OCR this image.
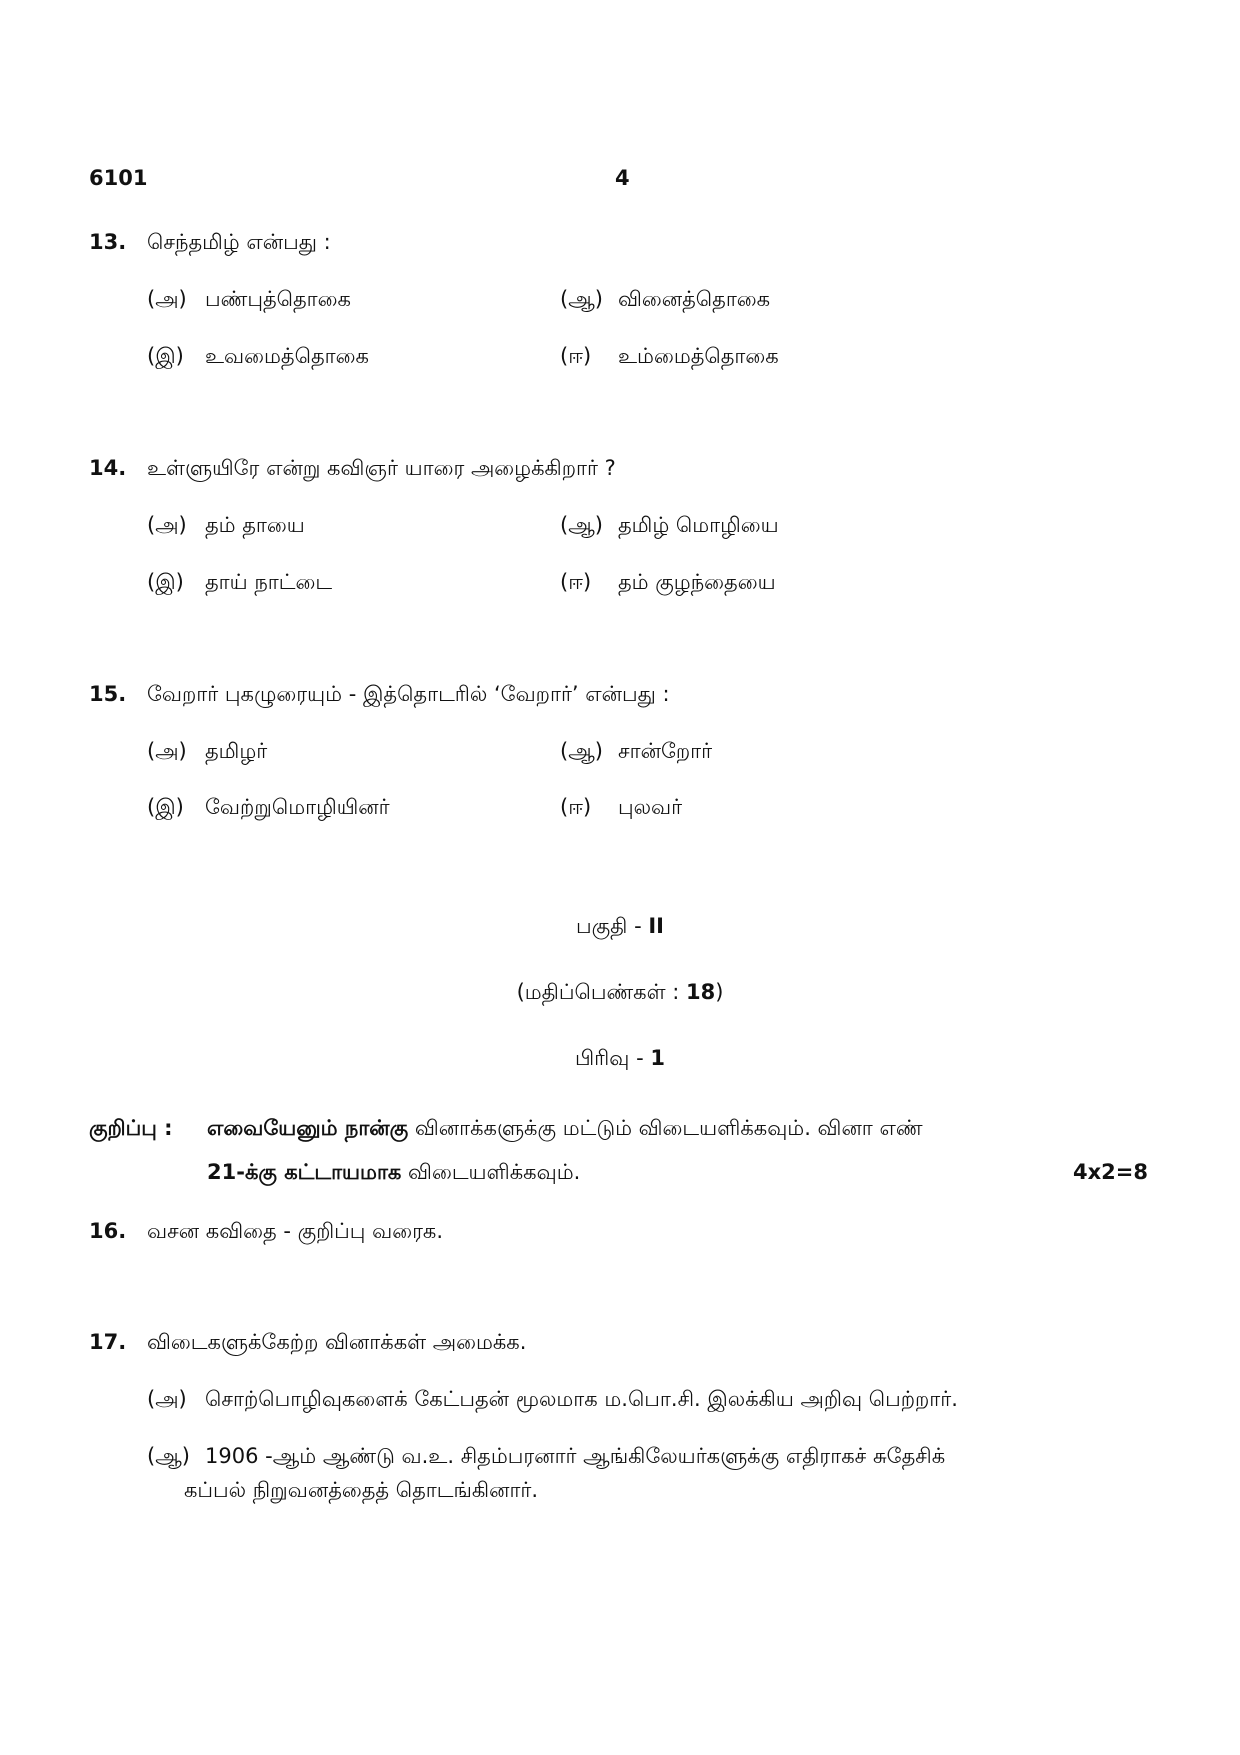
6101	4
13. செந்தமிழ் என்பது :
(அ) பண்புத்தொகை	(ஆ) வினைத்தொகை
(இ) உவமைத்தொகை	(ஈ) உம்மைத்தொகை
14. உள்ளுயிரே என்று கவிஞர் யாரை அழைக்கிறார் ?
(அ) தம் தாயை	(ஆ) தமிழ் மொழியை
(இ) தாய் நாட்டை	(ஈ) தம் குழந்தையை
15. வேறார் புகழுரையும் - இத்தொடரில் ‘வேறார்’ என்பது :
(அ) தமிழர்	(ஆ) சான்றோர்
(இ) வேற்றுமொழியினர்	(ஈ) புலவர்
பகுதி - II
(மதிப்பெண்கள் : 18)
பிரிவு - 1
குறிப்பு : எவையேனும் நான்கு வினாக்களுக்கு மட்டும் விடையளிக்கவும். வினா எண்
21-க்கு கட்டாயமாக விடையளிக்கவும்.	4x2=8
16. வசன கவிதை - குறிப்பு வரைக.
17. விடைகளுக்கேற்ற வினாக்கள் அமைக்க.
(அ) சொற்பொழிவுகளைக் கேட்பதன் மூலமாக ம.பொ.சி. இலக்கிய அறிவு பெற்றார்.
(ஆ) 1906 -ஆம் ஆண்டு வ.உ. சிதம்பரனார் ஆங்கிலேயர்களுக்கு எதிராகச் சுதேசிக்
கப்பல் நிறுவனத்தைத் தொடங்கினார்.
